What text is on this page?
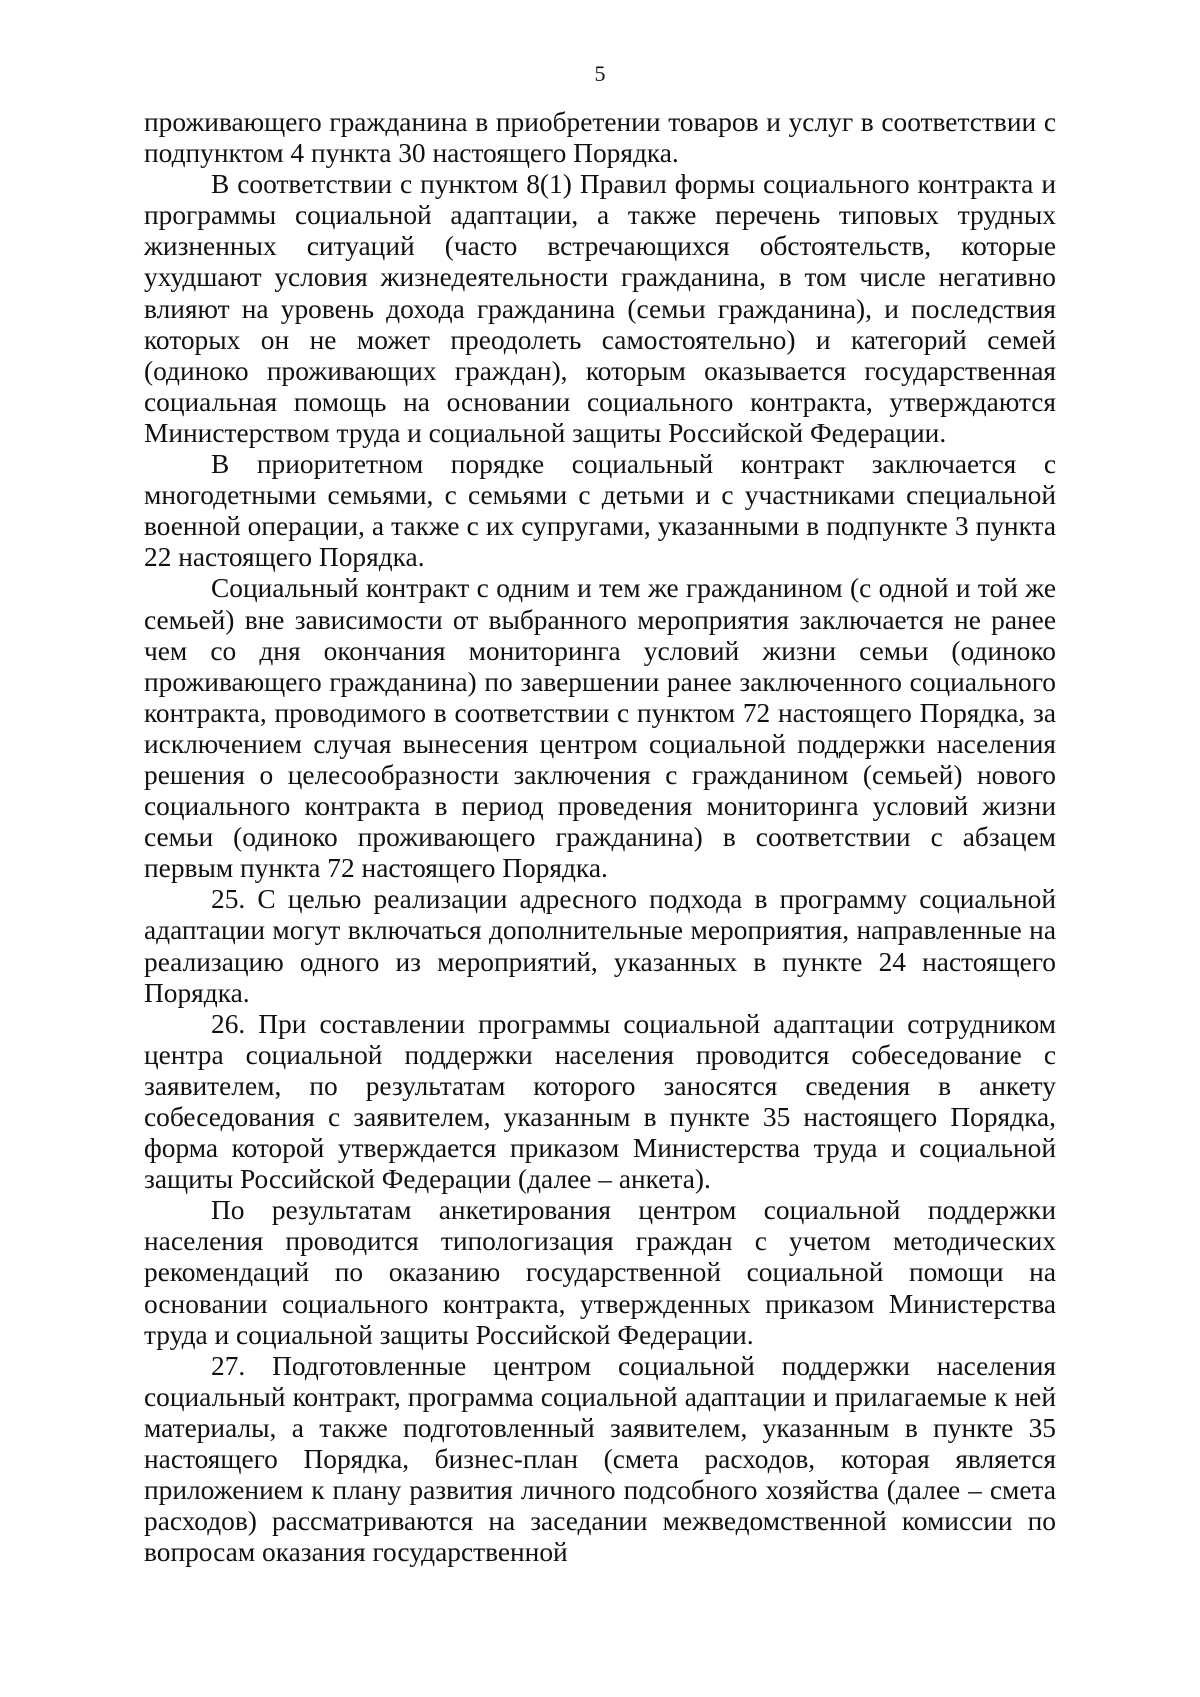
5

проживающего гражданина в приобретении товаров и услуг в соответствии с подпунктом 4 пункта 30 настоящего Порядка.

В соответствии с пунктом 8(1) Правил формы социального контракта и программы социальной адаптации, а также перечень типовых трудных жизненных ситуаций (часто встречающихся обстоятельств, которые ухудшают условия жизнедеятельности гражданина, в том числе негативно влияют на уровень дохода гражданина (семьи гражданина), и последствия которых он не может преодолеть самостоятельно) и категорий семей (одиноко проживающих граждан), которым оказывается государственная социальная помощь на основании социального контракта, утверждаются Министерством труда и социальной защиты Российской Федерации.

В приоритетном порядке социальный контракт заключается с многодетными семьями, с семьями с детьми и с участниками специальной военной операции, а также с их супругами, указанными в подпункте 3 пункта 22 настоящего Порядка.

Социальный контракт с одним и тем же гражданином (с одной и той же семьей) вне зависимости от выбранного мероприятия заключается не ранее чем со дня окончания мониторинга условий жизни семьи (одиноко проживающего гражданина) по завершении ранее заключенного социального контракта, проводимого в соответствии с пунктом 72 настоящего Порядка, за исключением случая вынесения центром социальной поддержки населения решения о целесообразности заключения с гражданином (семьей) нового социального контракта в период проведения мониторинга условий жизни семьи (одиноко проживающего гражданина) в соответствии с абзацем первым пункта 72 настоящего Порядка.

25. С целью реализации адресного подхода в программу социальной адаптации могут включаться дополнительные мероприятия, направленные на реализацию одного из мероприятий, указанных в пункте 24 настоящего Порядка.

26. При составлении программы социальной адаптации сотрудником центра социальной поддержки населения проводится собеседование с заявителем, по результатам которого заносятся сведения в анкету собеседования с заявителем, указанным в пункте 35 настоящего Порядка, форма которой утверждается приказом Министерства труда и социальной защиты Российской Федерации (далее – анкета).

По результатам анкетирования центром социальной поддержки населения проводится типологизация граждан с учетом методических рекомендаций по оказанию государственной социальной помощи на основании социального контракта, утвержденных приказом Министерства труда и социальной защиты Российской Федерации.

27. Подготовленные центром социальной поддержки населения социальный контракт, программа социальной адаптации и прилагаемые к ней материалы, а также подготовленный заявителем, указанным в пункте 35 настоящего Порядка, бизнес-план (смета расходов, которая является приложением к плану развития личного подсобного хозяйства (далее – смета расходов) рассматриваются на заседании межведомственной комиссии по вопросам оказания государственной
